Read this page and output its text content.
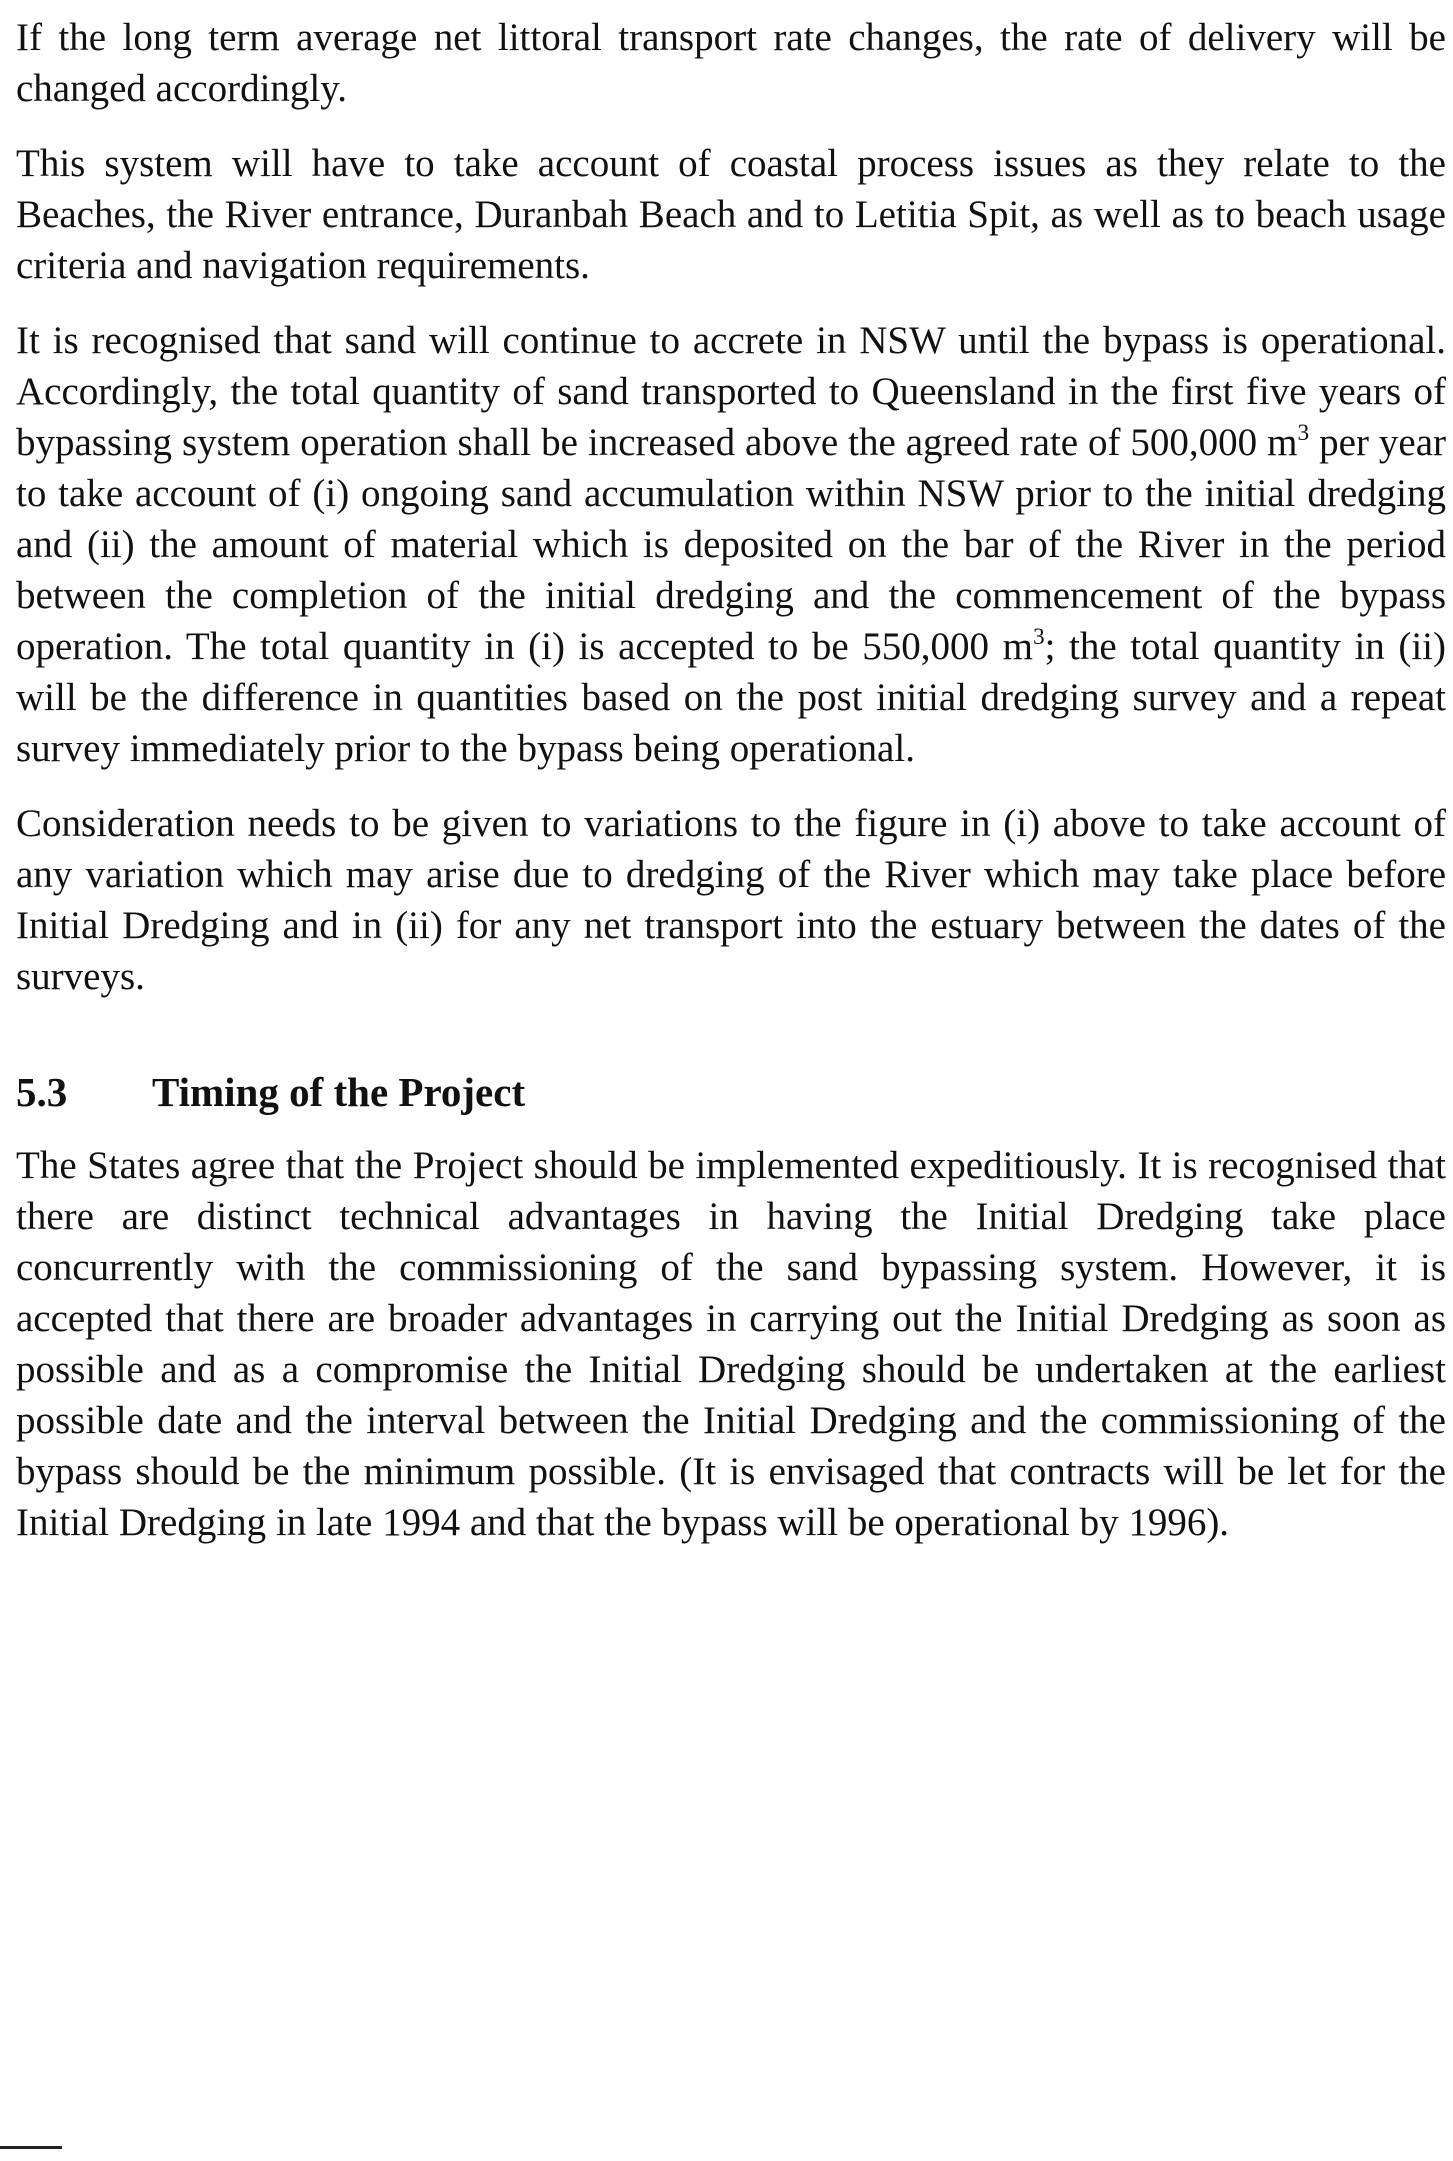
If the long term average net littoral transport rate changes, the rate of delivery will be changed accordingly.

This system will have to take account of coastal process issues as they relate to the Beaches, the River entrance, Duranbah Beach and to Letitia Spit, as well as to beach usage criteria and navigation requirements.

It is recognised that sand will continue to accrete in NSW until the bypass is operational. Accordingly, the total quantity of sand transported to Queensland in the first five years of bypassing system operation shall be increased above the agreed rate of 500,000 $m^3$ per year to take account of (i) ongoing sand accumulation within NSW prior to the initial dredging and (ii) the amount of material which is deposited on the bar of the River in the period between the completion of the initial dredging and the commencement of the bypass operation. The total quantity in (i) is accepted to be 550,000 $m^3$; the total quantity in (ii) will be the difference in quantities based on the post initial dredging survey and a repeat survey immediately prior to the bypass being operational.

Consideration needs to be given to variations to the figure in (i) above to take account of any variation which may arise due to dredging of the River which may take place before Initial Dredging and in (ii) for any net transport into the estuary between the dates of the surveys.

5.3	Timing of the Project

The States agree that the Project should be implemented expeditiously. It is recognised that there are distinct technical advantages in having the Initial Dredging take place concurrently with the commissioning of the sand bypassing system. However, it is accepted that there are broader advantages in carrying out the Initial Dredging as soon as possible and as a compromise the Initial Dredging should be undertaken at the earliest possible date and the interval between the Initial Dredging and the commissioning of the bypass should be the minimum possible. (It is envisaged that contracts will be let for the Initial Dredging in late 1994 and that the bypass will be operational by 1996).
